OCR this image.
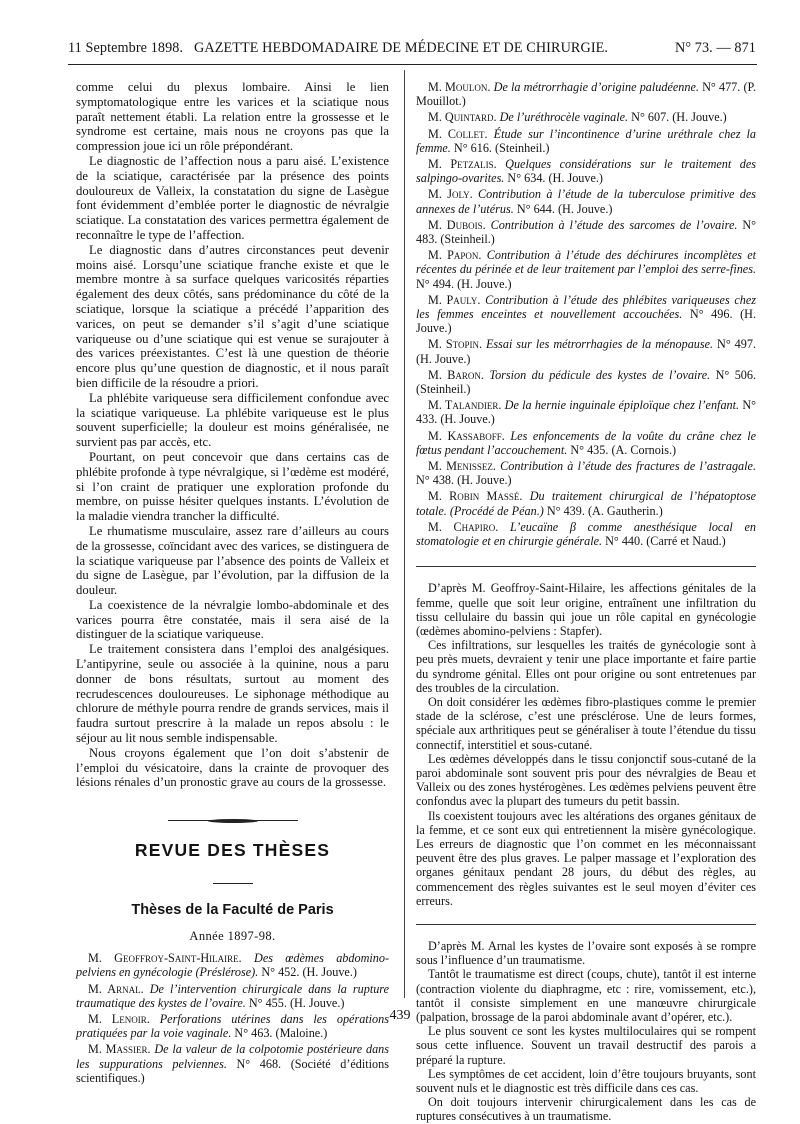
11 Septembre 1898. GAZETTE HEBDOMADAIRE DE MÉDECINE ET DE CHIRURGIE.	N° 73. — 871

comme celui du plexus lombaire. Ainsi le lien symptomatologique entre les varices et la sciatique nous paraît nettement établi. La relation entre la grossesse et le syndrome est certaine, mais nous ne croyons pas que la compression joue ici un rôle prépondérant.

Le diagnostic de l’affection nous a paru aisé. L’existence de la sciatique, caractérisée par la présence des points douloureux de Valleix, la constatation du signe de Lasègue font évidemment d’emblée porter le diagnostic de névralgie sciatique. La constatation des varices permettra également de reconnaître le type de l’affection.

Le diagnostic dans d’autres circonstances peut devenir moins aisé. Lorsqu’une sciatique franche existe et que le membre montre à sa surface quelques varicosités réparties également des deux côtés, sans prédominance du côté de la sciatique, lorsque la sciatique a précédé l’apparition des varices, on peut se demander s’il s’agit d’une sciatique variqueuse ou d’une sciatique qui est venue se surajouter à des varices préexistantes. C’est là une question de théorie encore plus qu’une question de diagnostic, et il nous paraît bien difficile de la résoudre a priori.

La phlébite variqueuse sera difficilement confondue avec la sciatique variqueuse. La phlébite variqueuse est le plus souvent superficielle; la douleur est moins généralisée, ne survient pas par accès, etc.

Pourtant, on peut concevoir que dans certains cas de phlébite profonde à type névralgique, si l’œdème est modéré, si l’on craint de pratiquer une exploration profonde du membre, on puisse hésiter quelques instants. L’évolution de la maladie viendra trancher la difficulté.

Le rhumatisme musculaire, assez rare d’ailleurs au cours de la grossesse, coïncidant avec des varices, se distinguera de la sciatique variqueuse par l’absence des points de Valleix et du signe de Lasègue, par l’évolution, par la diffusion de la douleur.

La coexistence de la névralgie lombo-abdominale et des varices pourra être constatée, mais il sera aisé de la distinguer de la sciatique variqueuse.

Le traitement consistera dans l’emploi des analgésiques. L’antipyrine, seule ou associée à la quinine, nous a paru donner de bons résultats, surtout au moment des recrudescences douloureuses. Le siphonage méthodique au chlorure de méthyle pourra rendre de grands services, mais il faudra surtout prescrire à la malade un repos absolu : le séjour au lit nous semble indispensable.

Nous croyons également que l’on doit s’abstenir de l’emploi du vésicatoire, dans la crainte de provoquer des lésions rénales d’un pronostic grave au cours de la grossesse.

REVUE DES THÈSES
Thèses de la Faculté de Paris
Année 1897-98.

M. Geoffroy-Saint-Hilaire. Des œdèmes abdomino-pelviens en gynécologie (Préslérose). N° 452. (H. Jouve.)

M. Arnal. De l’intervention chirurgicale dans la rupture traumatique des kystes de l’ovaire. N° 455. (H. Jouve.)

M. Lenoir. Perforations utérines dans les opérations pratiquées par la voie vaginale. N° 463. (Maloine.)

M. Massier. De la valeur de la colpotomie postérieure dans les suppurations pelviennes. N° 468. (Société d’éditions scientifiques.)

M. Moulon. De la métrorrhagie d’origine paludéenne. N° 477. (P. Mouillot.)

M. Quintard. De l’uréthrocèle vaginale. N° 607. (H. Jouve.)

M. Collet. Étude sur l’incontinence d’urine uréthrale chez la femme. N° 616. (Steinheil.)

M. Petzalis. Quelques considérations sur le traitement des salpingo-ovarites. N° 634. (H. Jouve.)

M. Joly. Contribution à l’étude de la tuberculose primitive des annexes de l’utérus. N° 644. (H. Jouve.)

M. Dubois. Contribution à l’étude des sarcomes de l’ovaire. N° 483. (Steinheil.)

M. Papon. Contribution à l’étude des déchirures incomplètes et récentes du périnée et de leur traitement par l’emploi des serre-fines. N° 494. (H. Jouve.)

M. Pauly. Contribution à l’étude des phlébites variqueuses chez les femmes enceintes et nouvellement accouchées. N° 496. (H. Jouve.)

M. Stopin. Essai sur les métrorrhagies de la ménopause. N° 497. (H. Jouve.)

M. Baron. Torsion du pédicule des kystes de l’ovaire. N° 506. (Steinheil.)

M. Talandier. De la hernie inguinale épiploïque chez l’enfant. N° 433. (H. Jouve.)

M. Kassaboff. Les enfoncements de la voûte du crâne chez le fœtus pendant l’accouchement. N° 435. (A. Cornois.)

M. Menissez. Contribution à l’étude des fractures de l’astragale. N° 438. (H. Jouve.)

M. Robin Massé. Du traitement chirurgical de l’hépatoptose totale. (Procédé de Péan.) N° 439. (A. Gautherin.)

M. Chapiro. L’eucaïne β comme anesthésique local en stomatologie et en chirurgie générale. N° 440. (Carré et Naud.)

D’après M. Geoffroy-Saint-Hilaire, les affections génitales de la femme, quelle que soit leur origine, entraînent une infiltration du tissu cellulaire du bassin qui joue un rôle capital en gynécologie (œdèmes abomino-pelviens : Stapfer).

Ces infiltrations, sur lesquelles les traités de gynécologie sont à peu près muets, devraient y tenir une place importante et faire partie du syndrome génital. Elles ont pour origine ou sont entretenues par des troubles de la circulation.

On doit considérer les œdèmes fibro-plastiques comme le premier stade de la sclérose, c’est une présclérose. Une de leurs formes, spéciale aux arthritiques peut se généraliser à toute l’étendue du tissu connectif, interstitiel et sous-cutané.

Les œdèmes développés dans le tissu conjonctif sous-cutané de la paroi abdominale sont souvent pris pour des névralgies de Beau et Valleix ou des zones hystérogènes. Les œdèmes pelviens peuvent être confondus avec la plupart des tumeurs du petit bassin.

Ils coexistent toujours avec les altérations des organes génitaux de la femme, et ce sont eux qui entretiennent la misère gynécologique. Les erreurs de diagnostic que l’on commet en les méconnaissant peuvent être des plus graves. Le palper massage et l’exploration des organes génitaux pendant 28 jours, du début des règles, au commencement des règles suivantes est le seul moyen d’éviter ces erreurs.

D’après M. Arnal les kystes de l’ovaire sont exposés à se rompre sous l’influence d’un traumatisme.

Tantôt le traumatisme est direct (coups, chute), tantôt il est interne (contraction violente du diaphragme, etc : rire, vomissement, etc.), tantôt il consiste simplement en une manœuvre chirurgicale (palpation, brossage de la paroi abdominale avant d’opérer, etc.).

Le plus souvent ce sont les kystes multiloculaires qui se rompent sous cette influence. Souvent un travail destructif des parois a préparé la rupture.

Les symptômes de cet accident, loin d’être toujours bruyants, sont souvent nuls et le diagnostic est très difficile dans ces cas.

On doit toujours intervenir chirurgicalement dans les cas de ruptures consécutives à un traumatisme.

439
